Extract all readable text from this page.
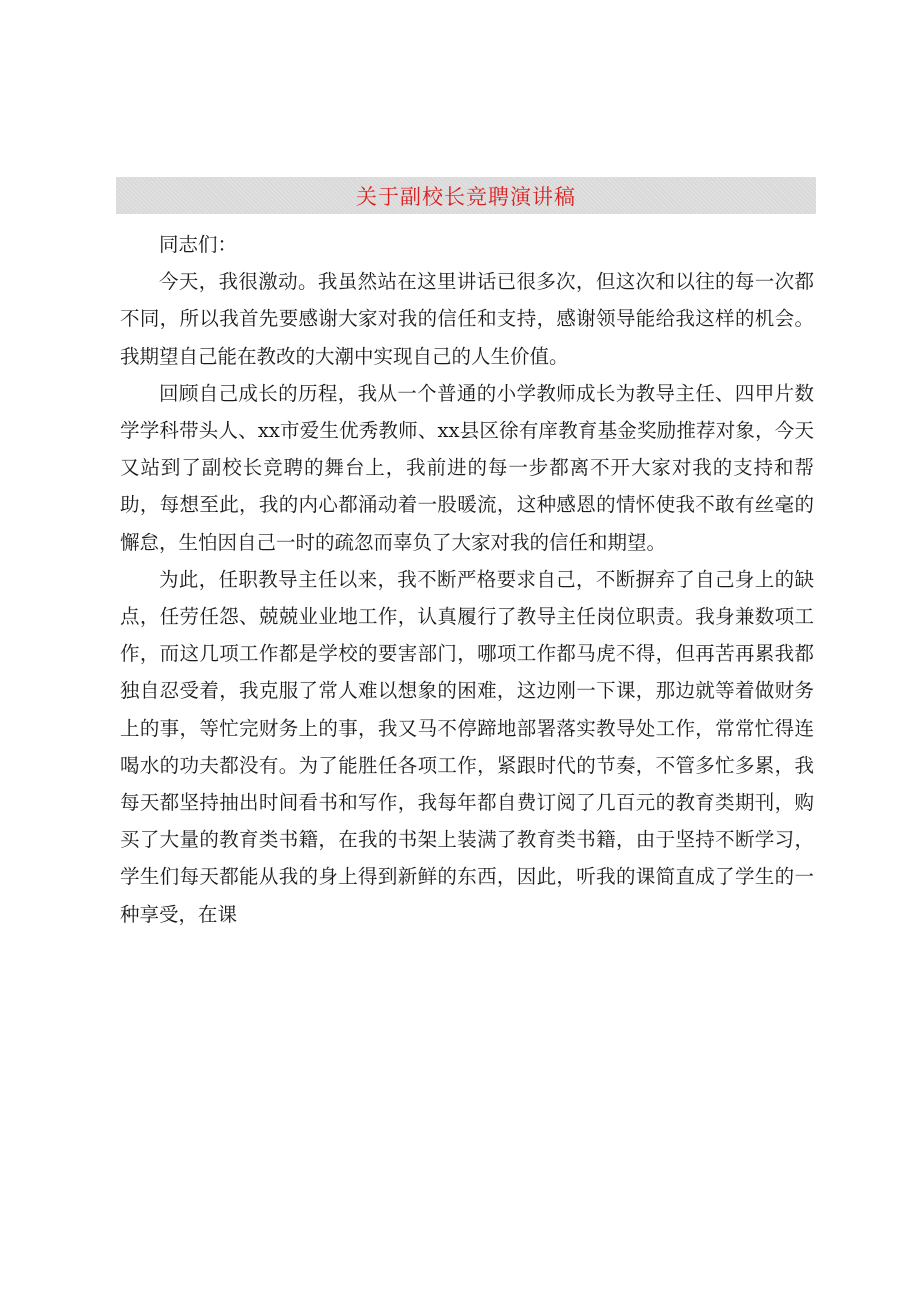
关于副校长竞聘演讲稿

同志们：

今天，我很激动。我虽然站在这里讲话已很多次，但这次和以往的每一次都不同，所以我首先要感谢大家对我的信任和支持，感谢领导能给我这样的机会。我期望自己能在教改的大潮中实现自己的人生价值。

回顾自己成长的历程，我从一个普通的小学教师成长为教导主任、四甲片数学学科带头人、xx市爱生优秀教师、xx县区徐有庠教育基金奖励推荐对象，今天又站到了副校长竞聘的舞台上，我前进的每一步都离不开大家对我的支持和帮助，每想至此，我的内心都涌动着一股暖流，这种感恩的情怀使我不敢有丝毫的懈怠，生怕因自己一时的疏忽而辜负了大家对我的信任和期望。

为此，任职教导主任以来，我不断严格要求自己，不断摒弃了自己身上的缺点，任劳任怨、兢兢业业地工作，认真履行了教导主任岗位职责。我身兼数项工作，而这几项工作都是学校的要害部门，哪项工作都马虎不得，但再苦再累我都独自忍受着，我克服了常人难以想象的困难，这边刚一下课，那边就等着做财务上的事，等忙完财务上的事，我又马不停蹄地部署落实教导处工作，常常忙得连喝水的功夫都没有。为了能胜任各项工作，紧跟时代的节奏，不管多忙多累，我每天都坚持抽出时间看书和写作，我每年都自费订阅了几百元的教育类期刊，购买了大量的教育类书籍，在我的书架上装满了教育类书籍，由于坚持不断学习，学生们每天都能从我的身上得到新鲜的东西，因此，听我的课简直成了学生的一种享受，在课
